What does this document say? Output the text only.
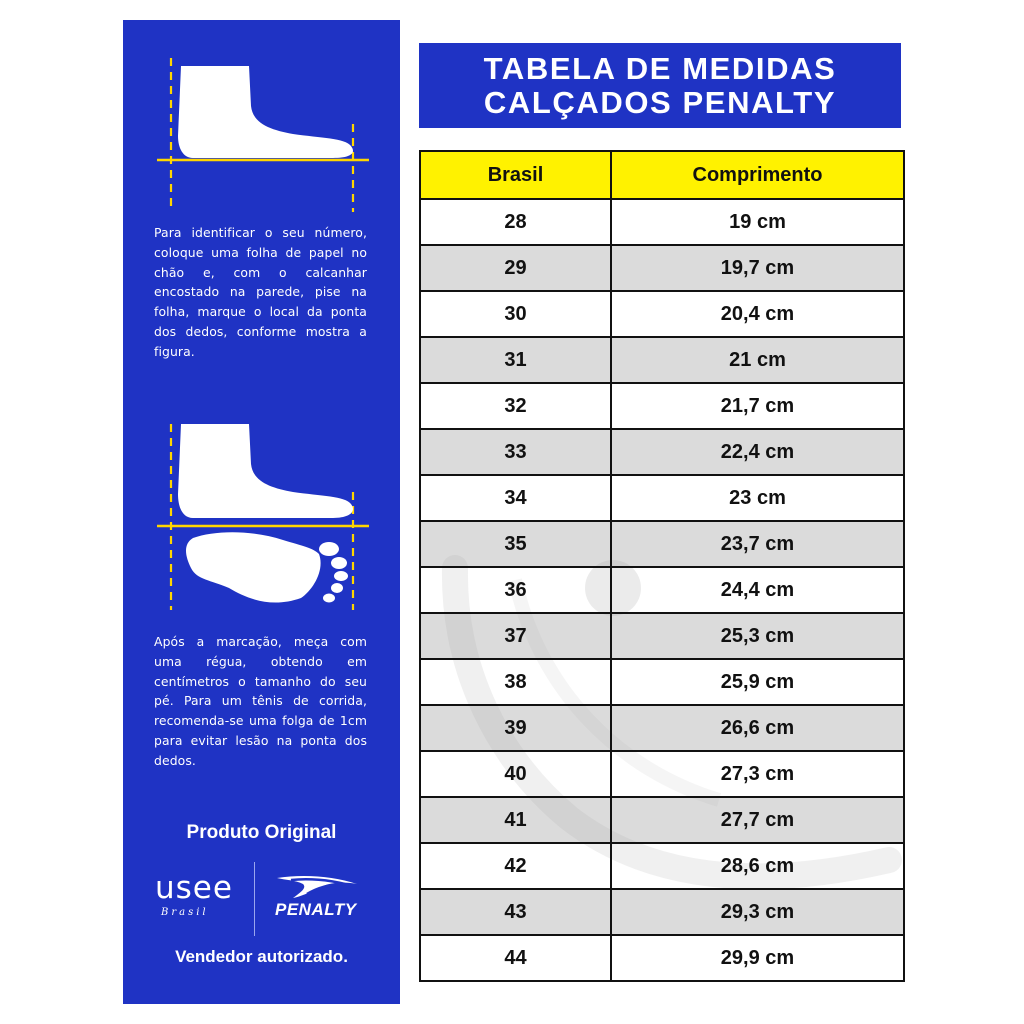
Para identificar o seu número, coloque uma folha de papel no chão e, com o calcanhar encostado na parede, pise na folha, marque o local da ponta dos dedos, conforme mostra a figura.
Após a marcação, meça com uma régua, obtendo em centímetros o tamanho do seu pé. Para um tênis de corrida, recomenda-se uma folga de 1cm para evitar lesão na ponta dos dedos.
Produto Original
usee
Brasil	PENALTY
Vendedor autorizado.
TABELA DE MEDIDAS
CALÇADOS PENALTY
Brasil	Comprimento
28	19 cm
29	19,7 cm
30	20,4 cm
31	21 cm
32	21,7 cm
33	22,4 cm
34	23 cm
35	23,7 cm
36	24,4 cm
37	25,3 cm
38	25,9 cm
39	26,6 cm
40	27,3 cm
41	27,7 cm
42	28,6 cm
43	29,3 cm
44	29,9 cm
